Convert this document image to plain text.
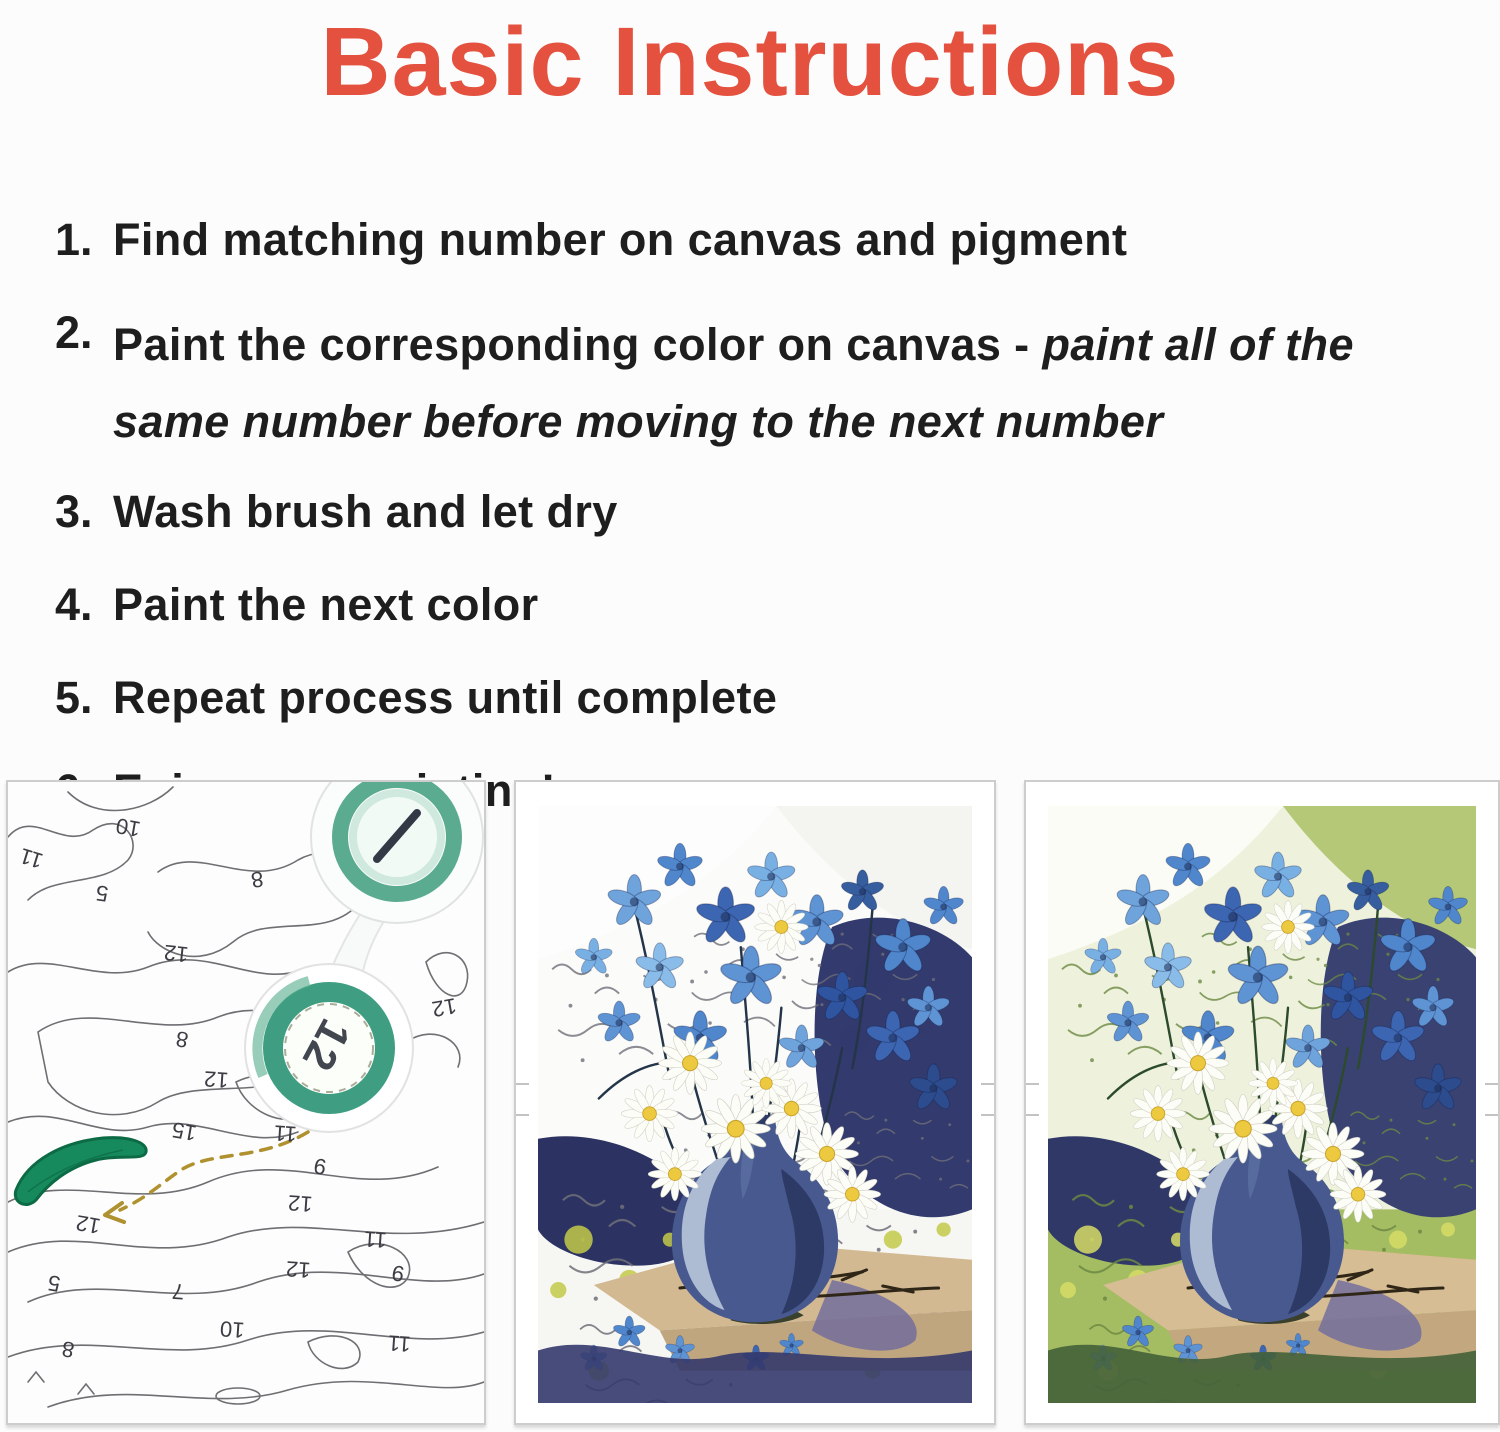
Basic Instructions
1. Find matching number on canvas and pigment
2. Paint the corresponding color on canvas - paint all of the same number before moving to the next number
3. Wash brush and let dry
4. Paint the next color
5. Repeat process until complete
11
10
5
8
12
12
8
12
15	11
9
12
12
11
12
5	7
9
8
10
11
12
